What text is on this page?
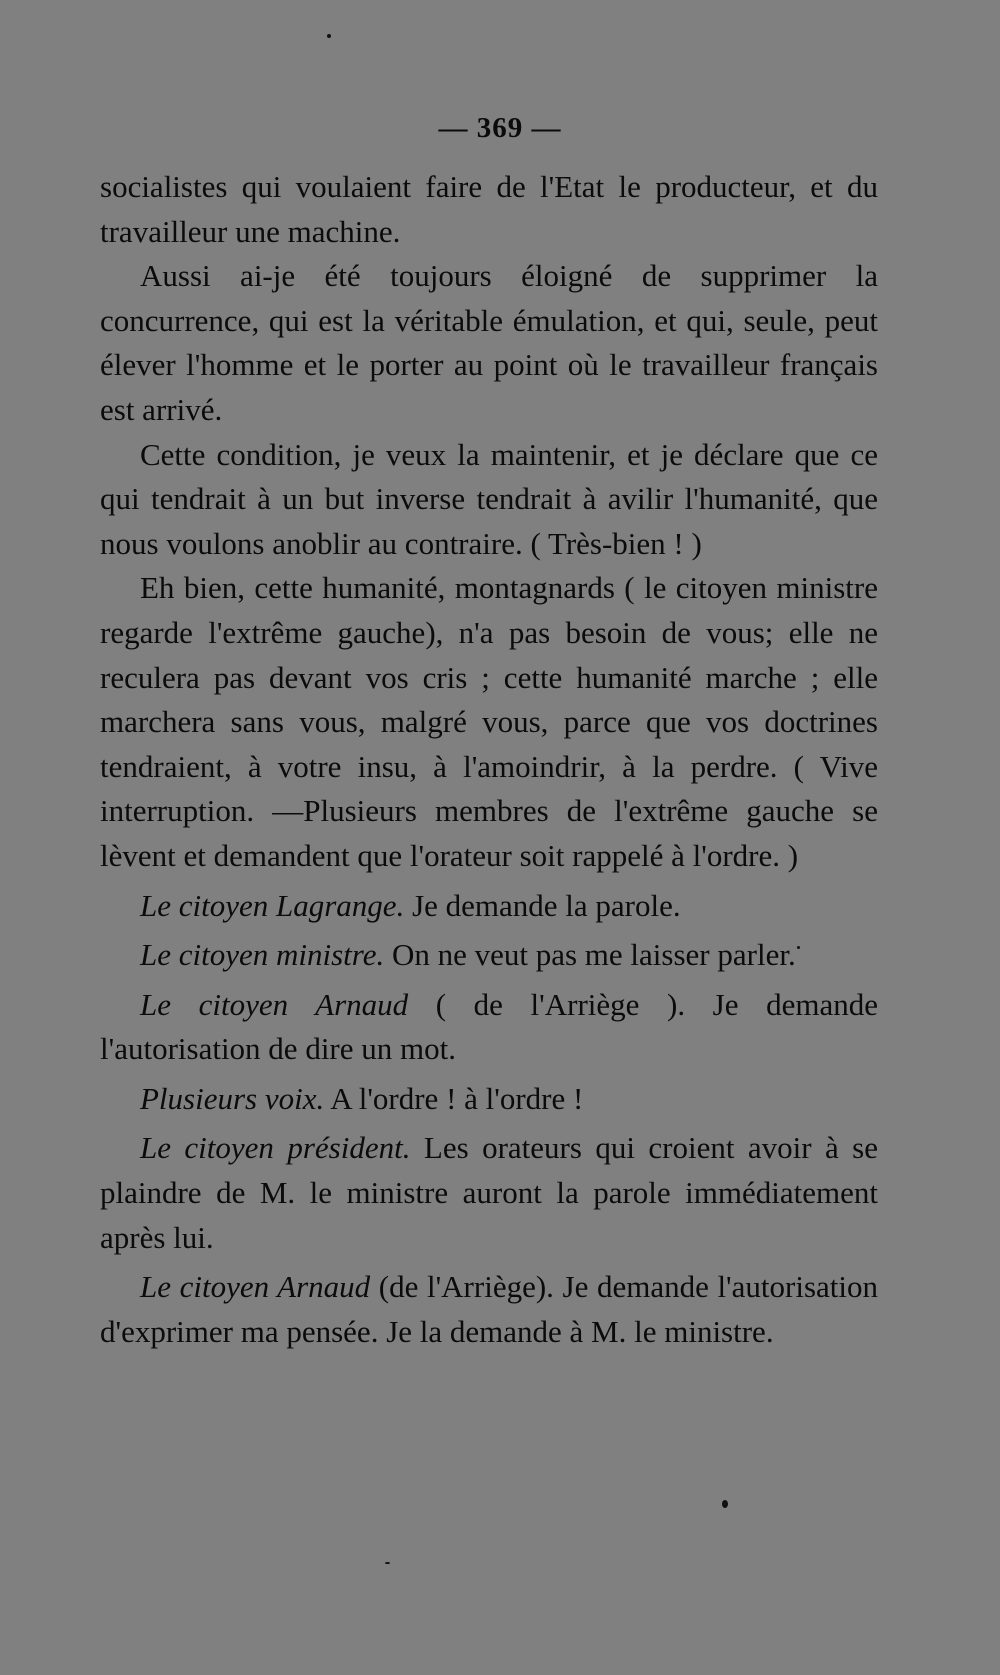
— 369 —

socialistes qui voulaient faire de l'Etat le producteur, et du travailleur une machine.

Aussi ai-je été toujours éloigné de supprimer la concurrence, qui est la véritable émulation, et qui, seule, peut élever l'homme et le porter au point où le travailleur français est arrivé.

Cette condition, je veux la maintenir, et je déclare que ce qui tendrait à un but inverse tendrait à avilir l'humanité, que nous voulons anoblir au contraire. ( Très-bien ! )

Eh bien, cette humanité, montagnards ( le citoyen ministre regarde l'extrême gauche), n'a pas besoin de vous; elle ne reculera pas devant vos cris ; cette humanité marche ; elle marchera sans vous, malgré vous, parce que vos doctrines tendraient, à votre insu, à l'amoindrir, à la perdre. ( Vive interruption. —Plusieurs membres de l'extrême gauche se lèvent et demandent que l'orateur soit rappelé à l'ordre. )

Le citoyen Lagrange. Je demande la parole.

Le citoyen ministre. On ne veut pas me laisser parler.

Le citoyen Arnaud ( de l'Arriège ). Je demande l'autorisation de dire un mot.

Plusieurs voix. A l'ordre ! à l'ordre !

Le citoyen président. Les orateurs qui croient avoir à se plaindre de M. le ministre auront la parole immédiatement après lui.

Le citoyen Arnaud (de l'Arriège). Je demande l'autorisation d'exprimer ma pensée. Je la demande à M. le ministre.
